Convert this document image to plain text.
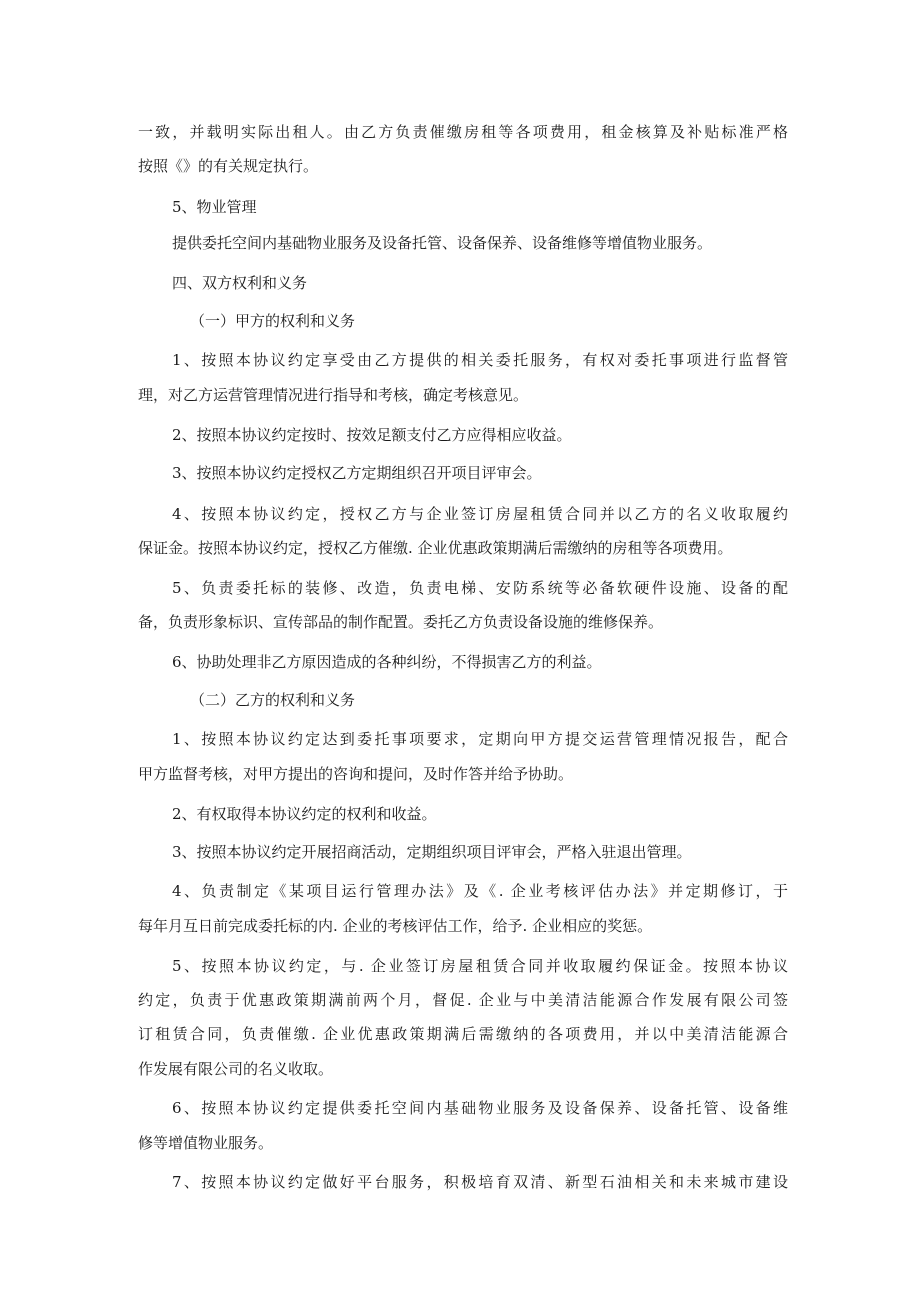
一致，并载明实际出租人。由乙方负责催缴房租等各项费用，租金核算及补贴标准严格
按照《》的有关规定执行。
5、物业管理
提供委托空间内基础物业服务及设备托管、设备保养、设备维修等增值物业服务。
四、双方权利和义务
（一）甲方的权利和义务
1、按照本协议约定享受由乙方提供的相关委托服务，有权对委托事项进行监督管
理，对乙方运营管理情况进行指导和考核，确定考核意见。
2、按照本协议约定按时、按效足额支付乙方应得相应收益。
3、按照本协议约定授权乙方定期组织召开项目评审会。
4、按照本协议约定，授权乙方与企业签订房屋租赁合同并以乙方的名义收取履约
保证金。按照本协议约定，授权乙方催缴. 企业优惠政策期满后需缴纳的房租等各项费用。
5、负责委托标的装修、改造，负责电梯、安防系统等必备软硬件设施、设备的配
备，负责形象标识、宣传部品的制作配置。委托乙方负责设备设施的维修保养。
6、协助处理非乙方原因造成的各种纠纷，不得损害乙方的利益。
（二）乙方的权利和义务
1、按照本协议约定达到委托事项要求，定期向甲方提交运营管理情况报告，配合
甲方监督考核，对甲方提出的咨询和提问，及时作答并给予协助。
2、有权取得本协议约定的权利和收益。
3、按照本协议约定开展招商活动，定期组织项目评审会，严格入驻退出管理。
4、负责制定《某项目运行管理办法》及《. 企业考核评估办法》并定期修订，于
每年月互日前完成委托标的内. 企业的考核评估工作，给予. 企业相应的奖惩。
5、按照本协议约定，与. 企业签订房屋租赁合同并收取履约保证金。按照本协议
约定，负责于优惠政策期满前两个月，督促. 企业与中美清洁能源合作发展有限公司签
订租赁合同，负责催缴. 企业优惠政策期满后需缴纳的各项费用，并以中美清洁能源合
作发展有限公司的名义收取。
6、按照本协议约定提供委托空间内基础物业服务及设备保养、设备托管、设备维
修等增值物业服务。
7、按照本协议约定做好平台服务，积极培育双清、新型石油相关和未来城市建设
